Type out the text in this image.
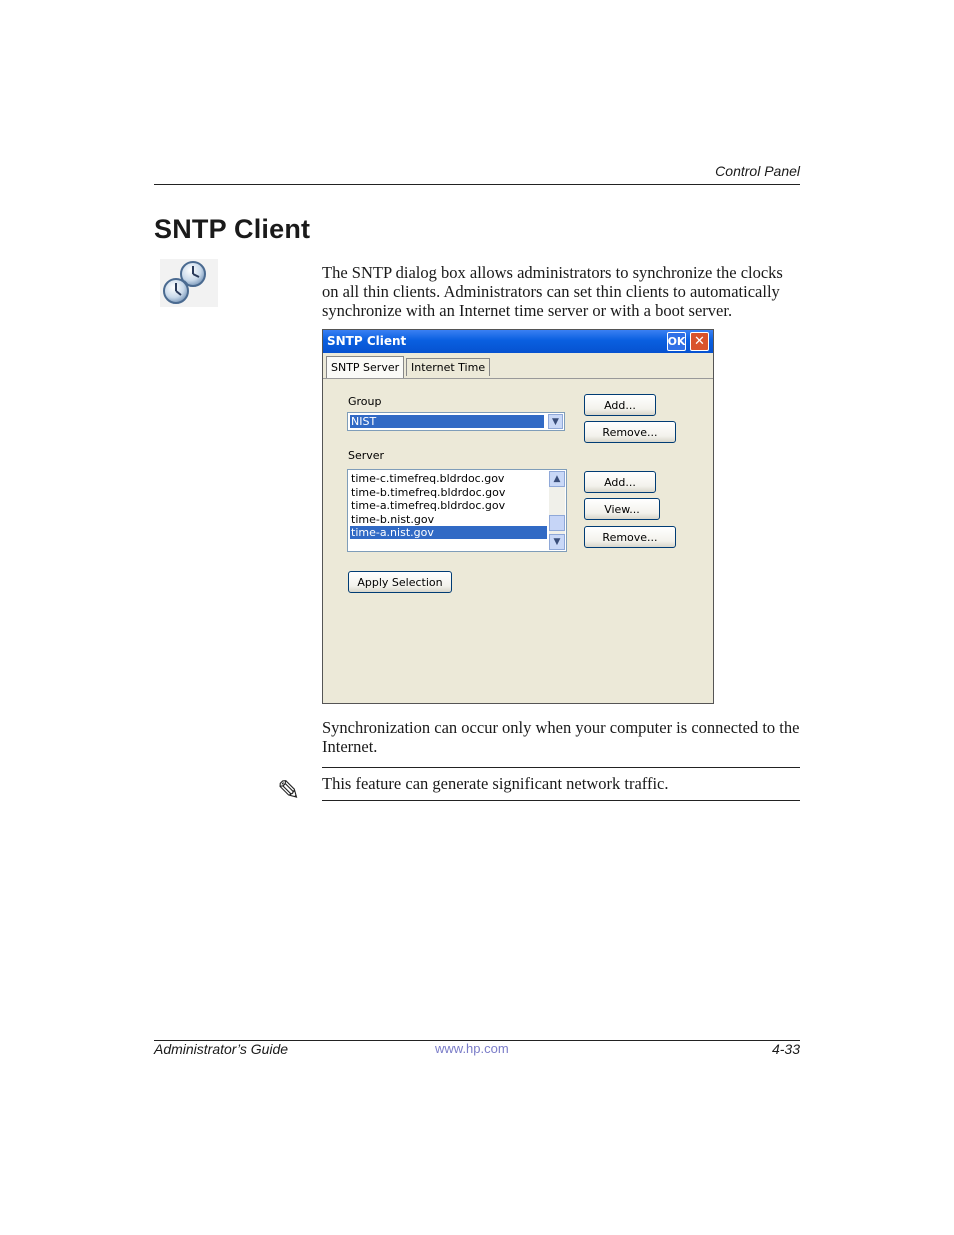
Control Panel
SNTP Client
The SNTP dialog box allows administrators to synchronize the clocks on all thin clients. Administrators can set thin clients to automatically synchronize with an Internet time server or with a boot server.
SNTP Client	OK ✕
SNTP Server	Internet Time
Group
NIST	▼
Add...
Remove...
Server
time-c.timefreq.bldrdoc.gov
time-b.timefreq.bldrdoc.gov
time-a.timefreq.bldrdoc.gov
time-b.nist.gov
time-a.nist.gov
▲
▼
Add...
View...
Remove...
Apply Selection
Synchronization can occur only when your computer is connected to the Internet.
✎	This feature can generate significant network traffic.
Administrator’s Guide	www.hp.com	4-33
